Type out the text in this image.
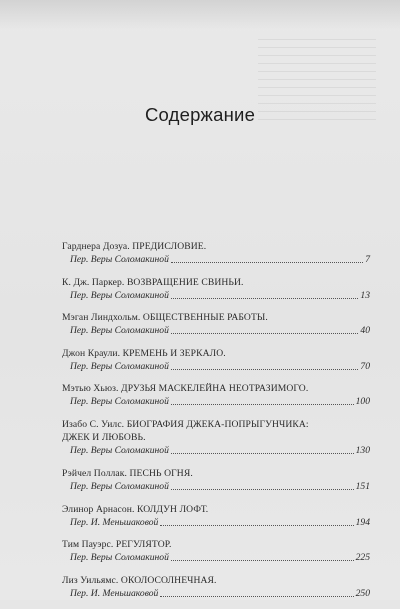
Содержание
Гарднера Дозуа. ПРЕДИСЛОВИЕ.
Пер. Веры Соломакиной	7
К. Дж. Паркер. ВОЗВРАЩЕНИЕ СВИНЬИ.
Пер. Веры Соломакиной	13
Мэган Линдхольм. ОБЩЕСТВЕННЫЕ РАБОТЫ.
Пер. Веры Соломакиной	40
Джон Краули. КРЕМЕНЬ И ЗЕРКАЛО.
Пер. Веры Соломакиной	70
Мэтью Хьюз. ДРУЗЬЯ МАСКЕЛЕЙНА НЕОТРАЗИМОГО.
Пер. Веры Соломакиной	100
Изабо С. Уилс. БИОГРАФИЯ ДЖЕКА-ПОПРЫГУНЧИКА:
ДЖЕК И ЛЮБОВЬ.
Пер. Веры Соломакиной	130
Рэйчел Поллак. ПЕСНЬ ОГНЯ.
Пер. Веры Соломакиной	151
Элинор Арнасон. КОЛДУН ЛОФТ.
Пер. И. Меньшаковой	194
Тим Пауэрс. РЕГУЛЯТОР.
Пер. Веры Соломакиной	225
Лиз Уильямс. ОКОЛОСОЛНЕЧНАЯ.
Пер. И. Меньшаковой	250
